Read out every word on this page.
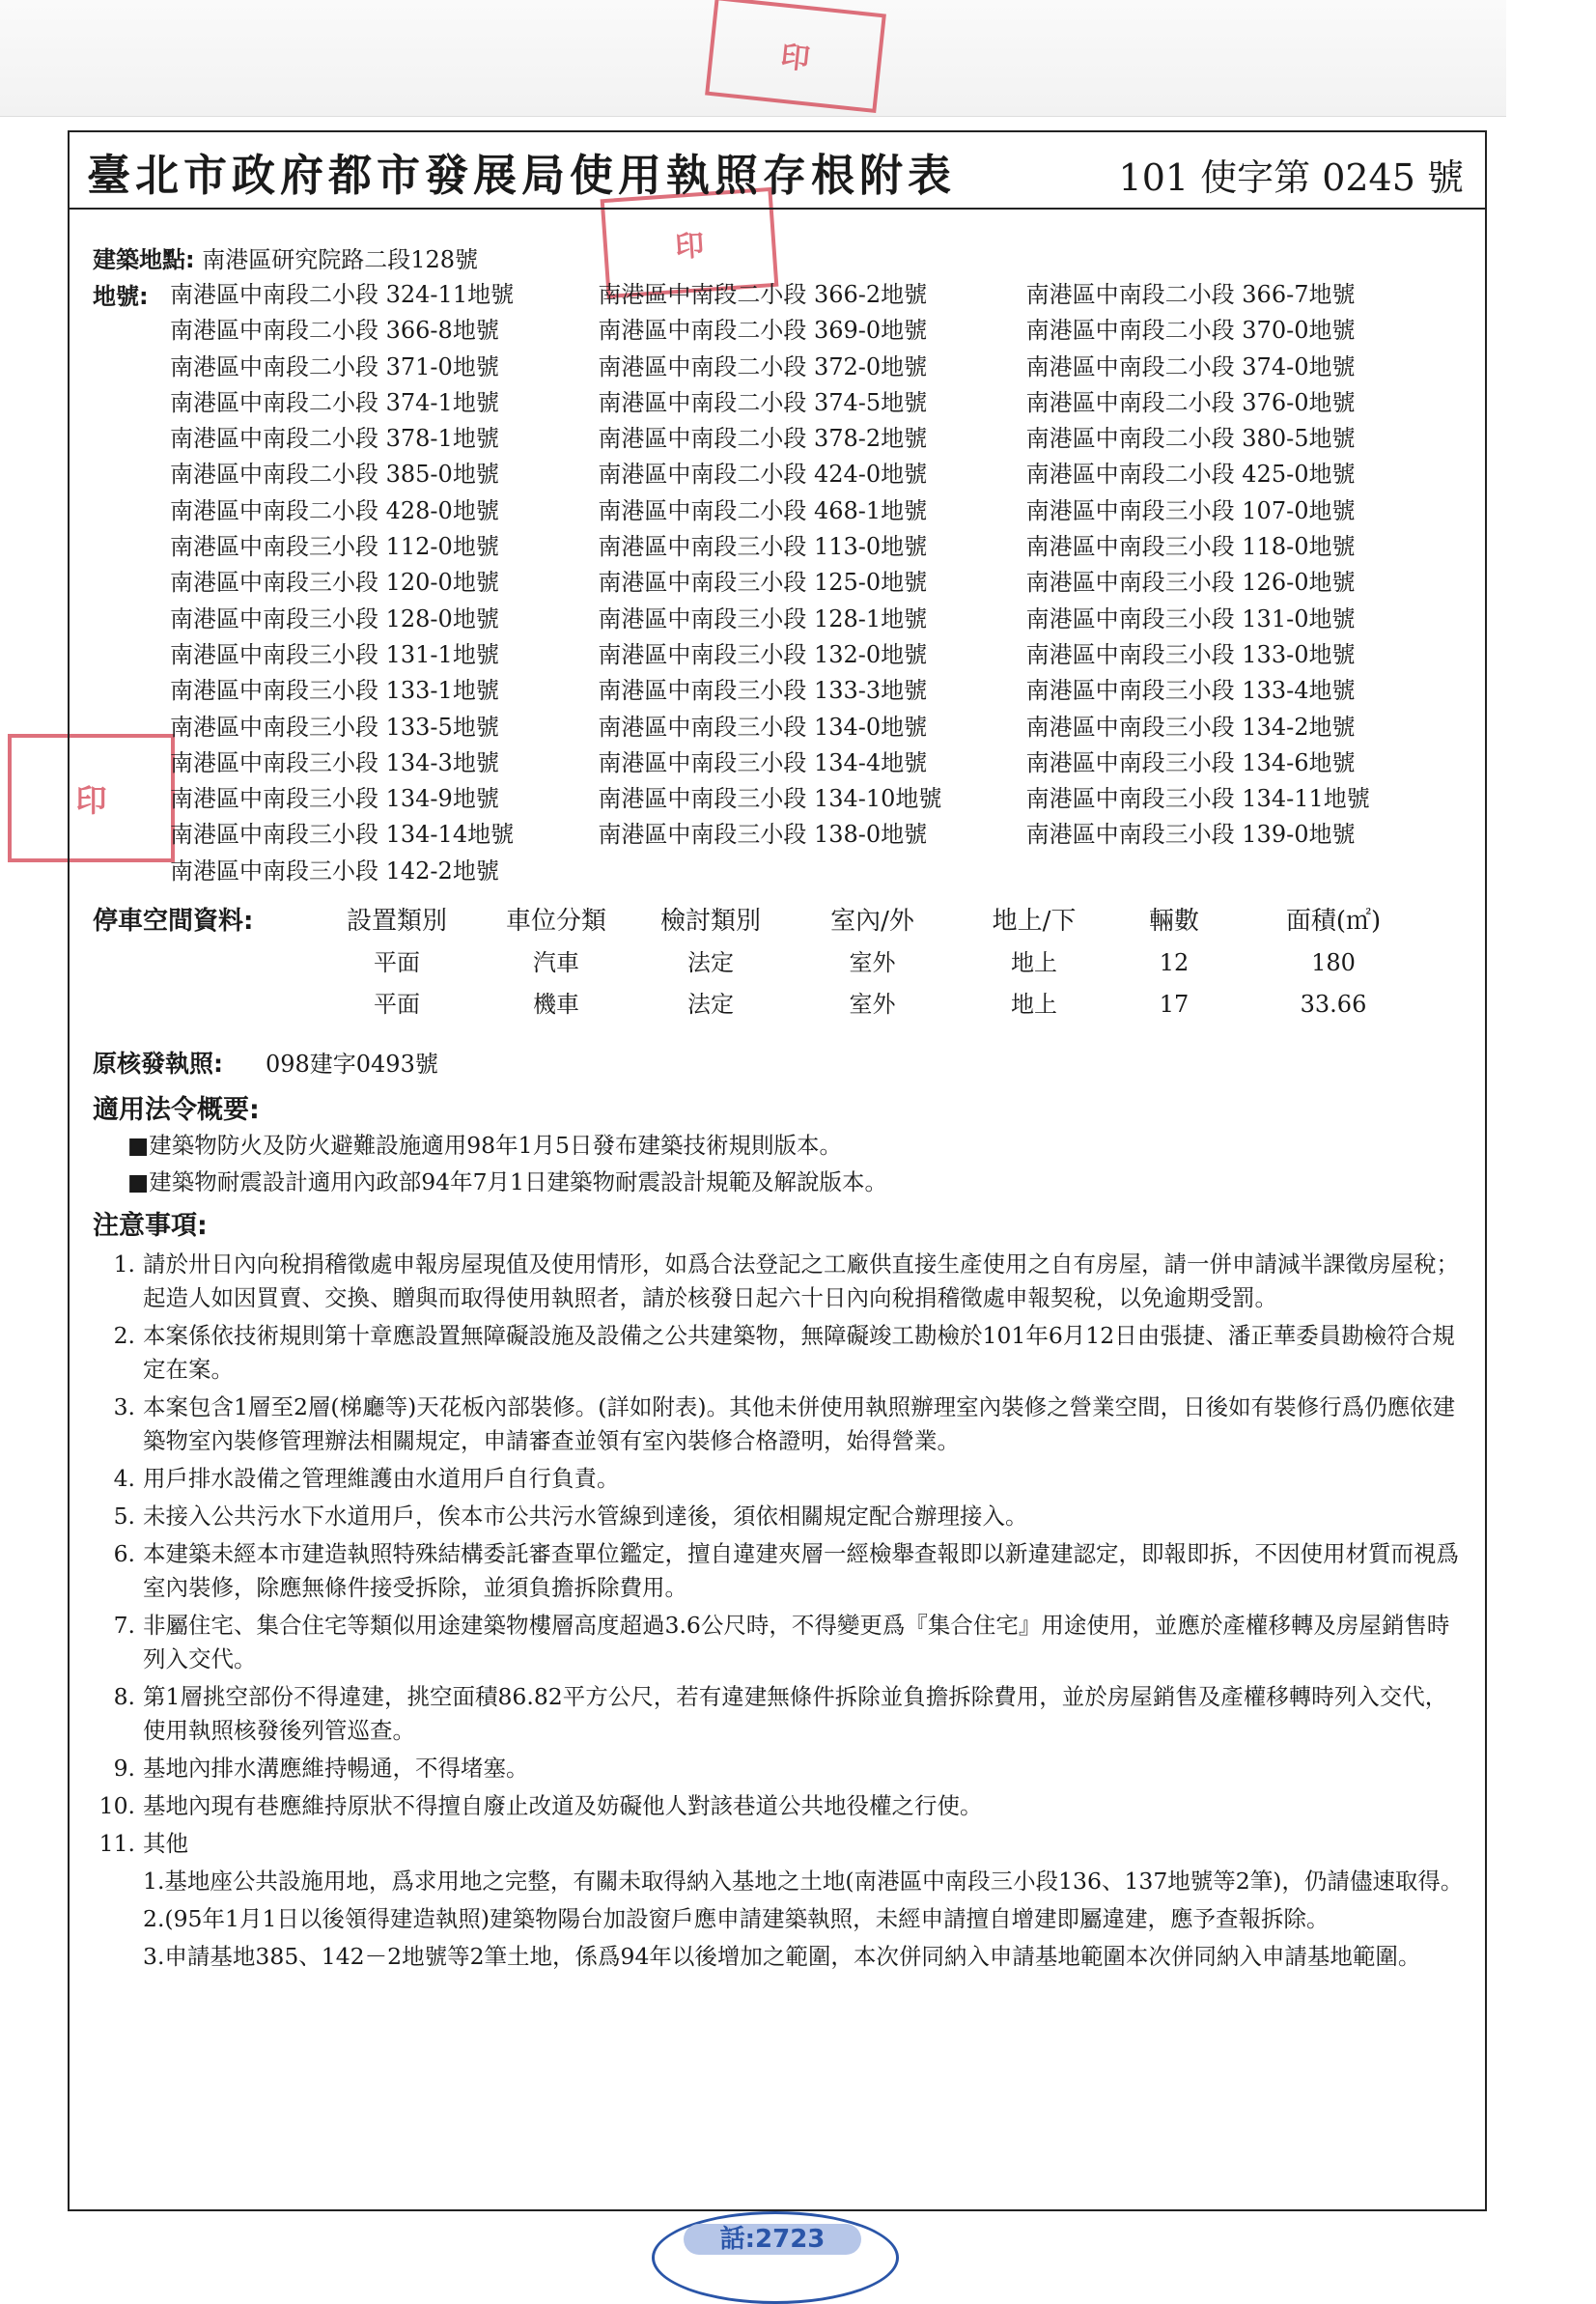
印
印
印
臺北市政府都市發展局使用執照存根附表	101 使字第 0245 號
建築地點: 南港區研究院路二段128號
地號: 南港區中南段二小段 324-11地號	南港區中南段二小段 366-2地號	南港區中南段二小段 366-7地號
南港區中南段二小段 366-8地號	南港區中南段二小段 369-0地號	南港區中南段二小段 370-0地號
南港區中南段二小段 371-0地號	南港區中南段二小段 372-0地號	南港區中南段二小段 374-0地號
南港區中南段二小段 374-1地號	南港區中南段二小段 374-5地號	南港區中南段二小段 376-0地號
南港區中南段二小段 378-1地號	南港區中南段二小段 378-2地號	南港區中南段二小段 380-5地號
南港區中南段二小段 385-0地號	南港區中南段二小段 424-0地號	南港區中南段二小段 425-0地號
南港區中南段二小段 428-0地號	南港區中南段二小段 468-1地號	南港區中南段三小段 107-0地號
南港區中南段三小段 112-0地號	南港區中南段三小段 113-0地號	南港區中南段三小段 118-0地號
南港區中南段三小段 120-0地號	南港區中南段三小段 125-0地號	南港區中南段三小段 126-0地號
南港區中南段三小段 128-0地號	南港區中南段三小段 128-1地號	南港區中南段三小段 131-0地號
南港區中南段三小段 131-1地號	南港區中南段三小段 132-0地號	南港區中南段三小段 133-0地號
南港區中南段三小段 133-1地號	南港區中南段三小段 133-3地號	南港區中南段三小段 133-4地號
南港區中南段三小段 133-5地號	南港區中南段三小段 134-0地號	南港區中南段三小段 134-2地號
南港區中南段三小段 134-3地號	南港區中南段三小段 134-4地號	南港區中南段三小段 134-6地號
南港區中南段三小段 134-9地號	南港區中南段三小段 134-10地號	南港區中南段三小段 134-11地號
南港區中南段三小段 134-14地號	南港區中南段三小段 138-0地號	南港區中南段三小段 139-0地號
南港區中南段三小段 142-2地號
停車空間資料:	設置類別	車位分類	檢討類別	室內/外	地上/下	輛數	面積(㎡)
平面	汽車	法定	室外	地上	12	180
平面	機車	法定	室外	地上	17	33.66
原核發執照: 098建字0493號
適用法令概要:
■建築物防火及防火避難設施適用98年1月5日發布建築技術規則版本。
■建築物耐震設計適用內政部94年7月1日建築物耐震設計規範及解說版本。
注意事項:
1. 請於卅日內向稅捐稽徵處申報房屋現值及使用情形，如爲合法登記之工廠供直接生產使用之自有房屋，請一併申請減半課徵房屋稅；起造人如因買賣、交換、贈與而取得使用執照者，請於核發日起六十日內向稅捐稽徵處申報契稅，以免逾期受罰。
2. 本案係依技術規則第十章應設置無障礙設施及設備之公共建築物，無障礙竣工勘檢於101年6月12日由張捷、潘正華委員勘檢符合規定在案。
3. 本案包含1層至2層(梯廳等)天花板內部裝修。(詳如附表)。其他未併使用執照辦理室內裝修之營業空間，日後如有裝修行爲仍應依建築物室內裝修管理辦法相關規定，申請審查並領有室內裝修合格證明，始得營業。
4. 用戶排水設備之管理維護由水道用戶自行負責。
5. 未接入公共污水下水道用戶，俟本市公共污水管線到達後，須依相關規定配合辦理接入。
6. 本建築未經本市建造執照特殊結構委託審查單位鑑定，擅自違建夾層一經檢舉查報即以新違建認定，即報即拆，不因使用材質而視爲室內裝修，除應無條件接受拆除，並須負擔拆除費用。
7. 非屬住宅、集合住宅等類似用途建築物樓層高度超過3.6公尺時，不得變更爲『集合住宅』用途使用，並應於產權移轉及房屋銷售時列入交代。
8. 第1層挑空部份不得違建，挑空面積86.82平方公尺，若有違建無條件拆除並負擔拆除費用，並於房屋銷售及產權移轉時列入交代，使用執照核發後列管巡查。
9. 基地內排水溝應維持暢通，不得堵塞。
10. 基地內現有巷應維持原狀不得擅自廢止改道及妨礙他人對該巷道公共地役權之行使。
11. 其他
1.基地座公共設施用地，爲求用地之完整，有關未取得納入基地之土地(南港區中南段三小段136、137地號等2筆)，仍請儘速取得。
2.(95年1月1日以後領得建造執照)建築物陽台加設窗戶應申請建築執照，未經申請擅自增建即屬違建，應予查報拆除。
3.申請基地385、142－2地號等2筆土地，係爲94年以後增加之範圍，本次併同納入申請基地範圍本次併同納入申請基地範圍。
話:2723
